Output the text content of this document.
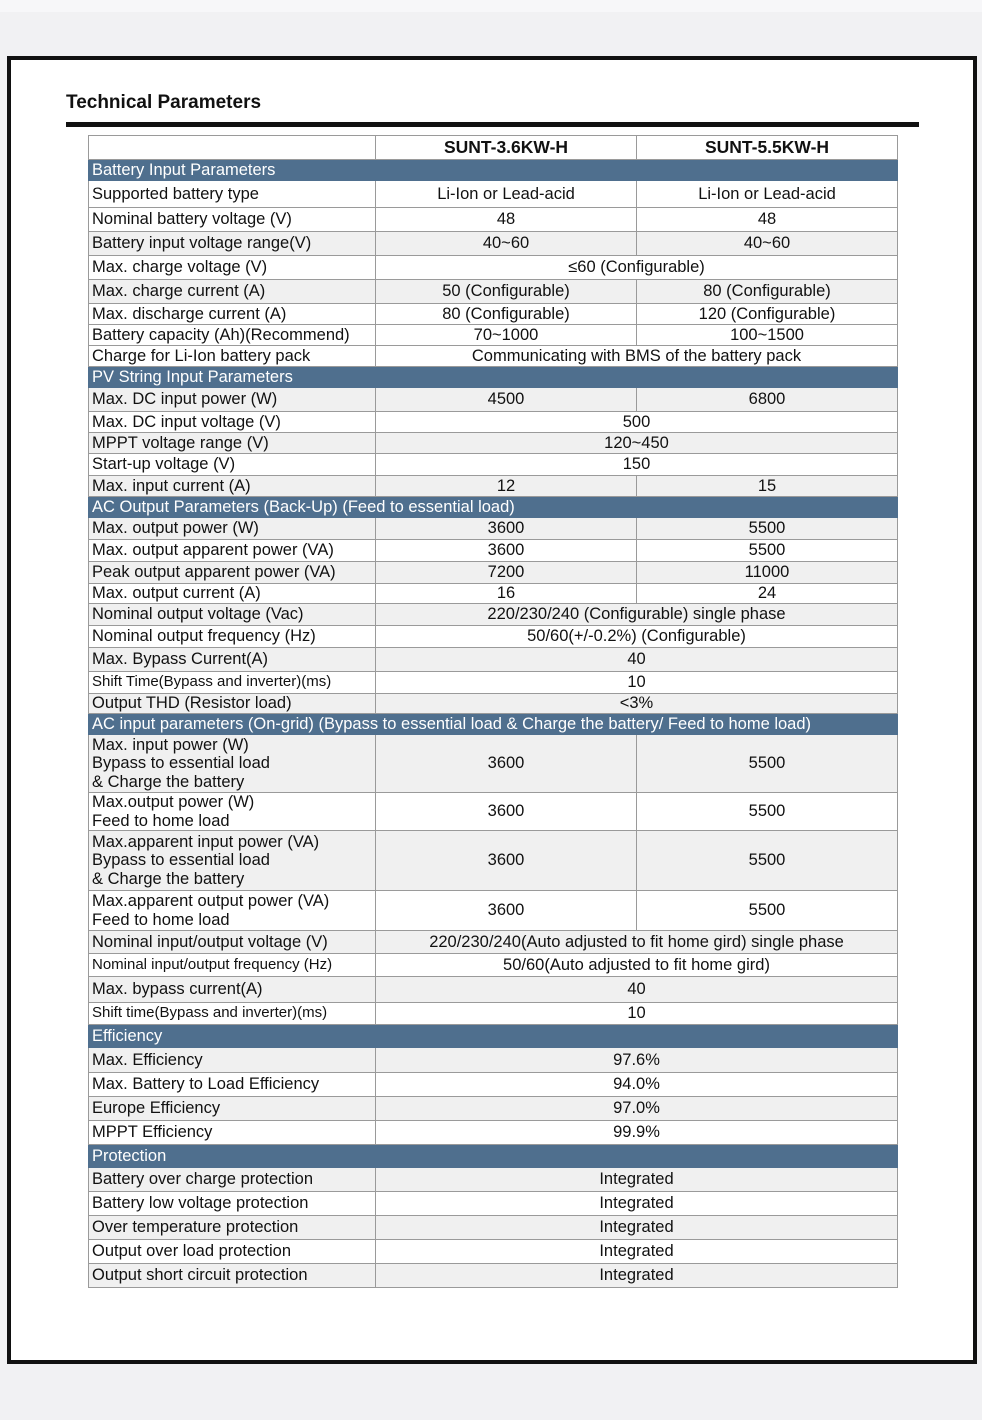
Technical Parameters
	SUNT-3.6KW-H	SUNT-5.5KW-H
Battery Input Parameters		
Supported battery type	Li-Ion or Lead-acid	Li-Ion or Lead-acid
Nominal battery voltage (V)	48	48
Battery input voltage range(V)	40~60	40~60
Max. charge voltage (V)	≤60 (Configurable)	
Max. charge current (A)	50 (Configurable)	80 (Configurable)
Max. discharge current (A)	80 (Configurable)	120 (Configurable)
Battery capacity (Ah)(Recommend)	70~1000	100~1500
Charge for Li-Ion battery pack	Communicating with BMS of the battery pack	
PV String Input Parameters		
Max. DC input power (W)	4500	6800
Max. DC input voltage (V)	500	
MPPT voltage range (V)	120~450	
Start-up voltage (V)	150	
Max. input current (A)	12	15
AC Output Parameters (Back-Up) (Feed to essential load)		
Max. output power (W)	3600	5500
Max. output apparent power (VA)	3600	5500
Peak output apparent power (VA)	7200	11000
Max. output current (A)	16	24
Nominal output voltage (Vac)	220/230/240 (Configurable) single phase	
Nominal output frequency (Hz)	50/60(+/-0.2%) (Configurable)	
Max. Bypass Current(A)	40	
Shift Time(Bypass and inverter)(ms)	10	
Output THD (Resistor load)	<3%	
AC input parameters (On-grid) (Bypass to essential load & Charge the battery/ Feed to home load)		

Max. input power (W)
Bypass to essential load
& Charge the battery	3600	5500

Max.output power (W)
Feed to home load	3600	5500

Max.apparent input power (VA)
Bypass to essential load
& Charge the battery	3600	5500

Max.apparent output power (VA)
Feed to home load	3600	5500
Nominal input/output voltage (V)	220/230/240(Auto adjusted to fit home gird) single phase	
Nominal input/output frequency (Hz)	50/60(Auto adjusted to fit home gird)	
Max. bypass current(A)	40	
Shift time(Bypass and inverter)(ms)	10	
Efficiency		
Max. Efficiency	97.6%	
Max. Battery to Load Efficiency	94.0%	
Europe Efficiency	97.0%	
MPPT Efficiency	99.9%	
Protection		
Battery over charge protection	Integrated	
Battery low voltage protection	Integrated	
Over temperature protection	Integrated	
Output over load protection	Integrated	
Output short circuit protection	Integrated	
